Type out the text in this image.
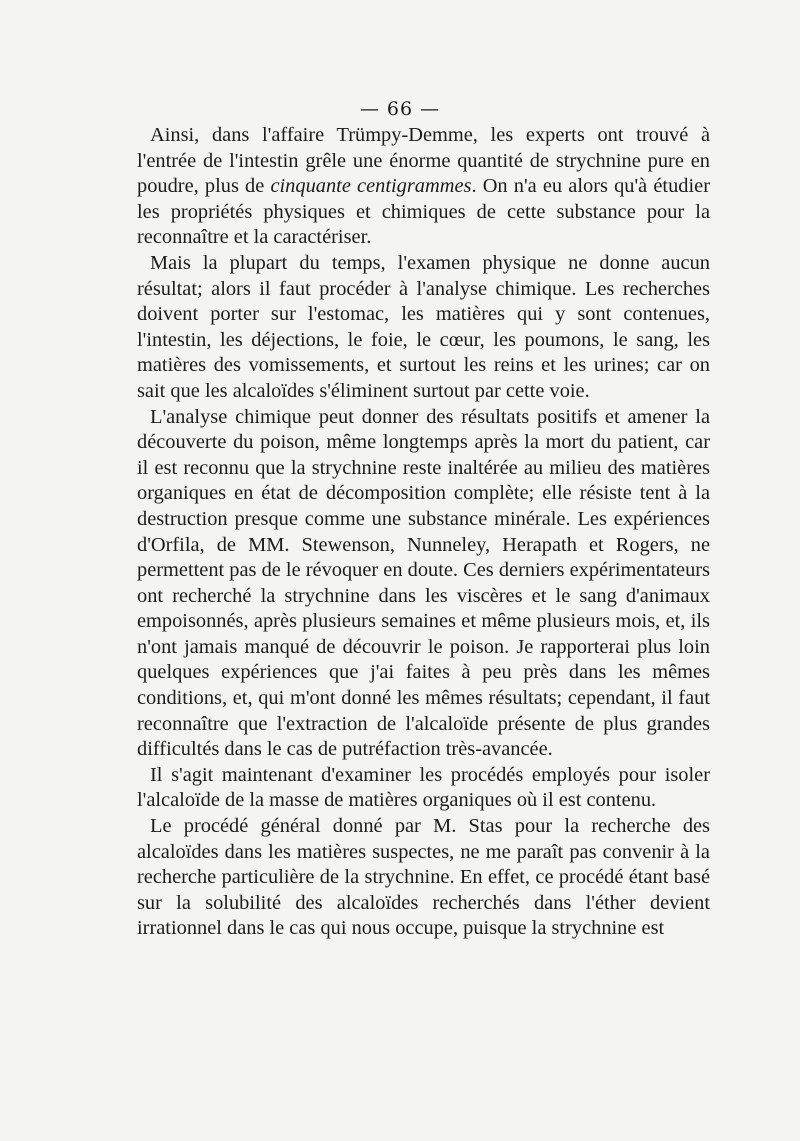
— 66 —

Ainsi, dans l'affaire Trümpy-Demme, les experts ont trouvé à l'entrée de l'intestin grêle une énorme quantité de strychnine pure en poudre, plus de cinquante centigrammes. On n'a eu alors qu'à étudier les propriétés physiques et chimiques de cette substance pour la reconnaître et la caractériser.

Mais la plupart du temps, l'examen physique ne donne aucun résultat; alors il faut procéder à l'analyse chimique. Les recherches doivent porter sur l'estomac, les matières qui y sont contenues, l'intestin, les déjections, le foie, le cœur, les poumons, le sang, les matières des vomissements, et surtout les reins et les urines; car on sait que les alcaloïdes s'éliminent surtout par cette voie.

L'analyse chimique peut donner des résultats positifs et amener la découverte du poison, même longtemps après la mort du patient, car il est reconnu que la strychnine reste inaltérée au milieu des matières organiques en état de décomposition complète; elle résiste tent à la destruction presque comme une substance minérale. Les expériences d'Orfila, de MM. Stewenson, Nunneley, Herapath et Rogers, ne permettent pas de le révoquer en doute. Ces derniers expérimentateurs ont recherché la strychnine dans les viscères et le sang d'animaux empoisonnés, après plusieurs semaines et même plusieurs mois, et, ils n'ont jamais manqué de découvrir le poison. Je rapporterai plus loin quelques expériences que j'ai faites à peu près dans les mêmes conditions, et, qui m'ont donné les mêmes résultats; cependant, il faut reconnaître que l'extraction de l'alcaloïde présente de plus grandes difficultés dans le cas de putréfaction très-avancée.

Il s'agit maintenant d'examiner les procédés employés pour isoler l'alcaloïde de la masse de matières organiques où il est contenu.

Le procédé général donné par M. Stas pour la recherche des alcaloïdes dans les matières suspectes, ne me paraît pas convenir à la recherche particulière de la strychnine. En effet, ce procédé étant basé sur la solubilité des alcaloïdes recherchés dans l'éther devient irrationnel dans le cas qui nous occupe, puisque la strychnine est
